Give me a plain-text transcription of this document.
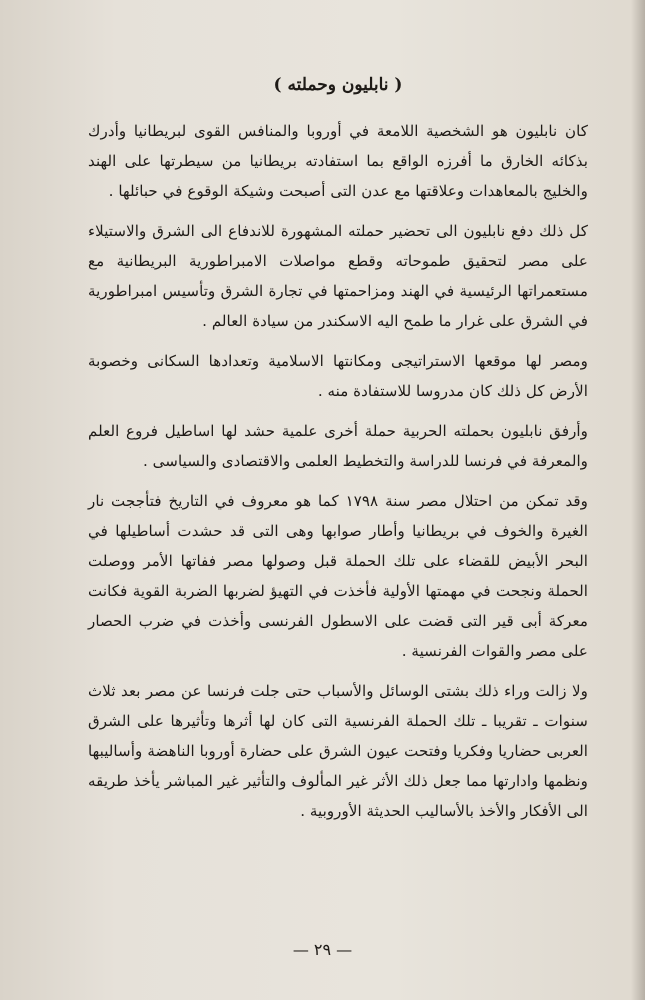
( نابليون وحملته )

كان نابليون هو الشخصية اللامعة في أوروبا والمنافس القوى لبريطانيا وأدرك بذكائه الخارق ما أفرزه الواقع بما استفادته بريطانيا من سيطرتها على الهند والخليج بالمعاهدات وعلاقتها مع عدن التى أصبحت وشيكة الوقوع في حبائلها .

كل ذلك دفع نابليون الى تحضير حملته المشهورة للاندفاع الى الشرق والاستيلاء على مصر لتحقيق طموحاته وقطع مواصلات الامبراطورية البريطانية مع مستعمراتها الرئيسية في الهند ومزاحمتها في تجارة الشرق وتأسيس امبراطورية في الشرق على غرار ما طمح اليه الاسكندر من سيادة العالم .

ومصر لها موقعها الاستراتيجى ومكانتها الاسلامية وتعدادها السكانى وخصوبة الأرض كل ذلك كان مدروسا للاستفادة منه .

وأرفق نابليون بحملته الحربية حملة أخرى علمية حشد لها اساطيل فروع العلم والمعرفة في فرنسا للدراسة والتخطيط العلمى والاقتصادى والسياسى .

وقد تمكن من احتلال مصر سنة ١٧٩٨ كما هو معروف في التاريخ فتأججت نار الغيرة والخوف في بريطانيا وأطار صوابها وهى التى قد حشدت أساطيلها في البحر الأبيض للقضاء على تلك الحملة قبل وصولها مصر ففاتها الأمر ووصلت الحملة ونجحت في مهمتها الأولية فأخذت في التهيؤ لضربها الضربة القوية فكانت معركة أبى قير التى قضت على الاسطول الفرنسى وأخذت في ضرب الحصار على مصر والقوات الفرنسية .

ولا زالت وراء ذلك بشتى الوسائل والأسباب حتى جلت فرنسا عن مصر بعد ثلاث سنوات ـ تقريبا ـ تلك الحملة الفرنسية التى كان لها أثرها وتأثيرها على الشرق العربى حضاريا وفكريا وفتحت عيون الشرق على حضارة أوروبا الناهضة وأساليبها ونظمها وادارتها مما جعل ذلك الأثر غير المألوف والتأثير غير المباشر يأخذ طريقه الى الأفكار والأخذ بالأساليب الحديثة الأوروبية .

— ٢٩ —
